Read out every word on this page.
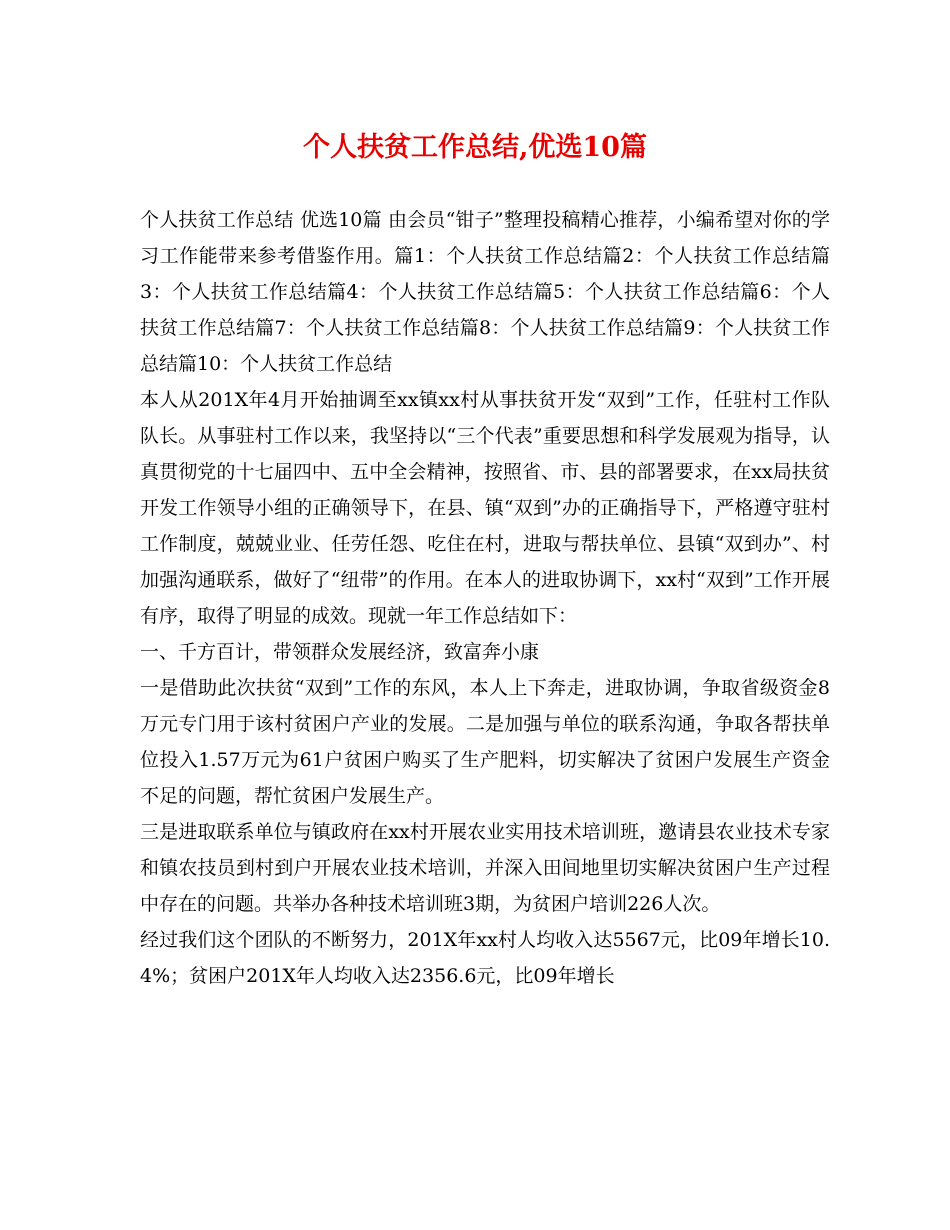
个人扶贫工作总结,优选10篇

个人扶贫工作总结 优选10篇 由会员“钳子”整理投稿精心推荐，小编希望对你的学习工作能带来参考借鉴作用。篇1：个人扶贫工作总结篇2：个人扶贫工作总结篇3：个人扶贫工作总结篇4：个人扶贫工作总结篇5：个人扶贫工作总结篇6：个人扶贫工作总结篇7：个人扶贫工作总结篇8：个人扶贫工作总结篇9：个人扶贫工作总结篇10：个人扶贫工作总结

本人从201X年4月开始抽调至xx镇xx村从事扶贫开发“双到”工作，任驻村工作队队长。从事驻村工作以来，我坚持以“三个代表”重要思想和科学发展观为指导，认真贯彻党的十七届四中、五中全会精神，按照省、市、县的部署要求，在xx局扶贫开发工作领导小组的正确领导下，在县、镇“双到”办的正确指导下，严格遵守驻村工作制度，兢兢业业、任劳任怨、吃住在村，进取与帮扶单位、县镇“双到办”、村加强沟通联系，做好了“纽带”的作用。在本人的进取协调下，xx村“双到”工作开展有序，取得了明显的成效。现就一年工作总结如下：

一、千方百计，带领群众发展经济，致富奔小康

一是借助此次扶贫“双到”工作的东风，本人上下奔走，进取协调，争取省级资金8万元专门用于该村贫困户产业的发展。二是加强与单位的联系沟通，争取各帮扶单位投入1.57万元为61户贫困户购买了生产肥料，切实解决了贫困户发展生产资金不足的问题，帮忙贫困户发展生产。

三是进取联系单位与镇政府在xx村开展农业实用技术培训班，邀请县农业技术专家和镇农技员到村到户开展农业技术培训，并深入田间地里切实解决贫困户生产过程中存在的问题。共举办各种技术培训班3期，为贫困户培训226人次。

经过我们这个团队的不断努力，201X年xx村人均收入达5567元，比09年增长10.4%；贫困户201X年人均收入达2356.6元，比09年增长
